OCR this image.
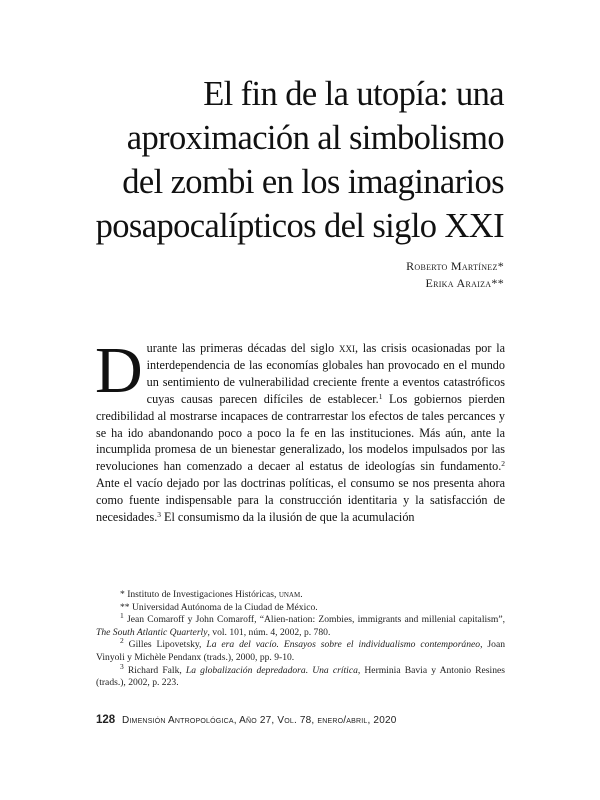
El fin de la utopía: una
aproximación al simbolismo
del zombi en los imaginarios
posapocalípticos del siglo XXI
Roberto Martínez*
Erika Araiza**
Durante las primeras décadas del siglo xxi, las crisis ocasionadas por la interdependencia de las economías globales han provocado en el mundo un sentimiento de vulnerabilidad creciente frente a eventos catastróficos cuyas causas parecen difíciles de establecer.$^1$ Los gobiernos pierden credibilidad al mostrarse incapaces de contrarrestar los efectos de tales percances y se ha ido abandonando poco a poco la fe en las instituciones. Más aún, ante la incumplida promesa de un bienestar generalizado, los modelos impulsados por las revoluciones han comenzado a decaer al estatus de ideologías sin fundamento.$^2$ Ante el vacío dejado por las doctrinas políticas, el consumo se nos presenta ahora como fuente indispensable para la construcción identitaria y la satisfacción de necesidades.$^3$ El consumismo da la ilusión de que la acumulación

* Instituto de Investigaciones Históricas, unam.

** Universidad Autónoma de la Ciudad de México.

$^1$ Jean Comaroff y John Comaroff, “Alien-nation: Zombies, immigrants and millenial capitalism”, The South Atlantic Quarterly, vol. 101, núm. 4, 2002, p. 780.

$^2$ Gilles Lipovetsky, La era del vacío. Ensayos sobre el individualismo contemporáneo, Joan Vinyoli y Michèle Pendanx (trads.), 2000, pp. 9-10.

$^3$ Richard Falk, La globalización depredadora. Una crítica, Herminia Bavia y Antonio Resines (trads.), 2002, p. 223.

128 Dimensión Antropológica, Año 27, Vol. 78, enero/abril, 2020
